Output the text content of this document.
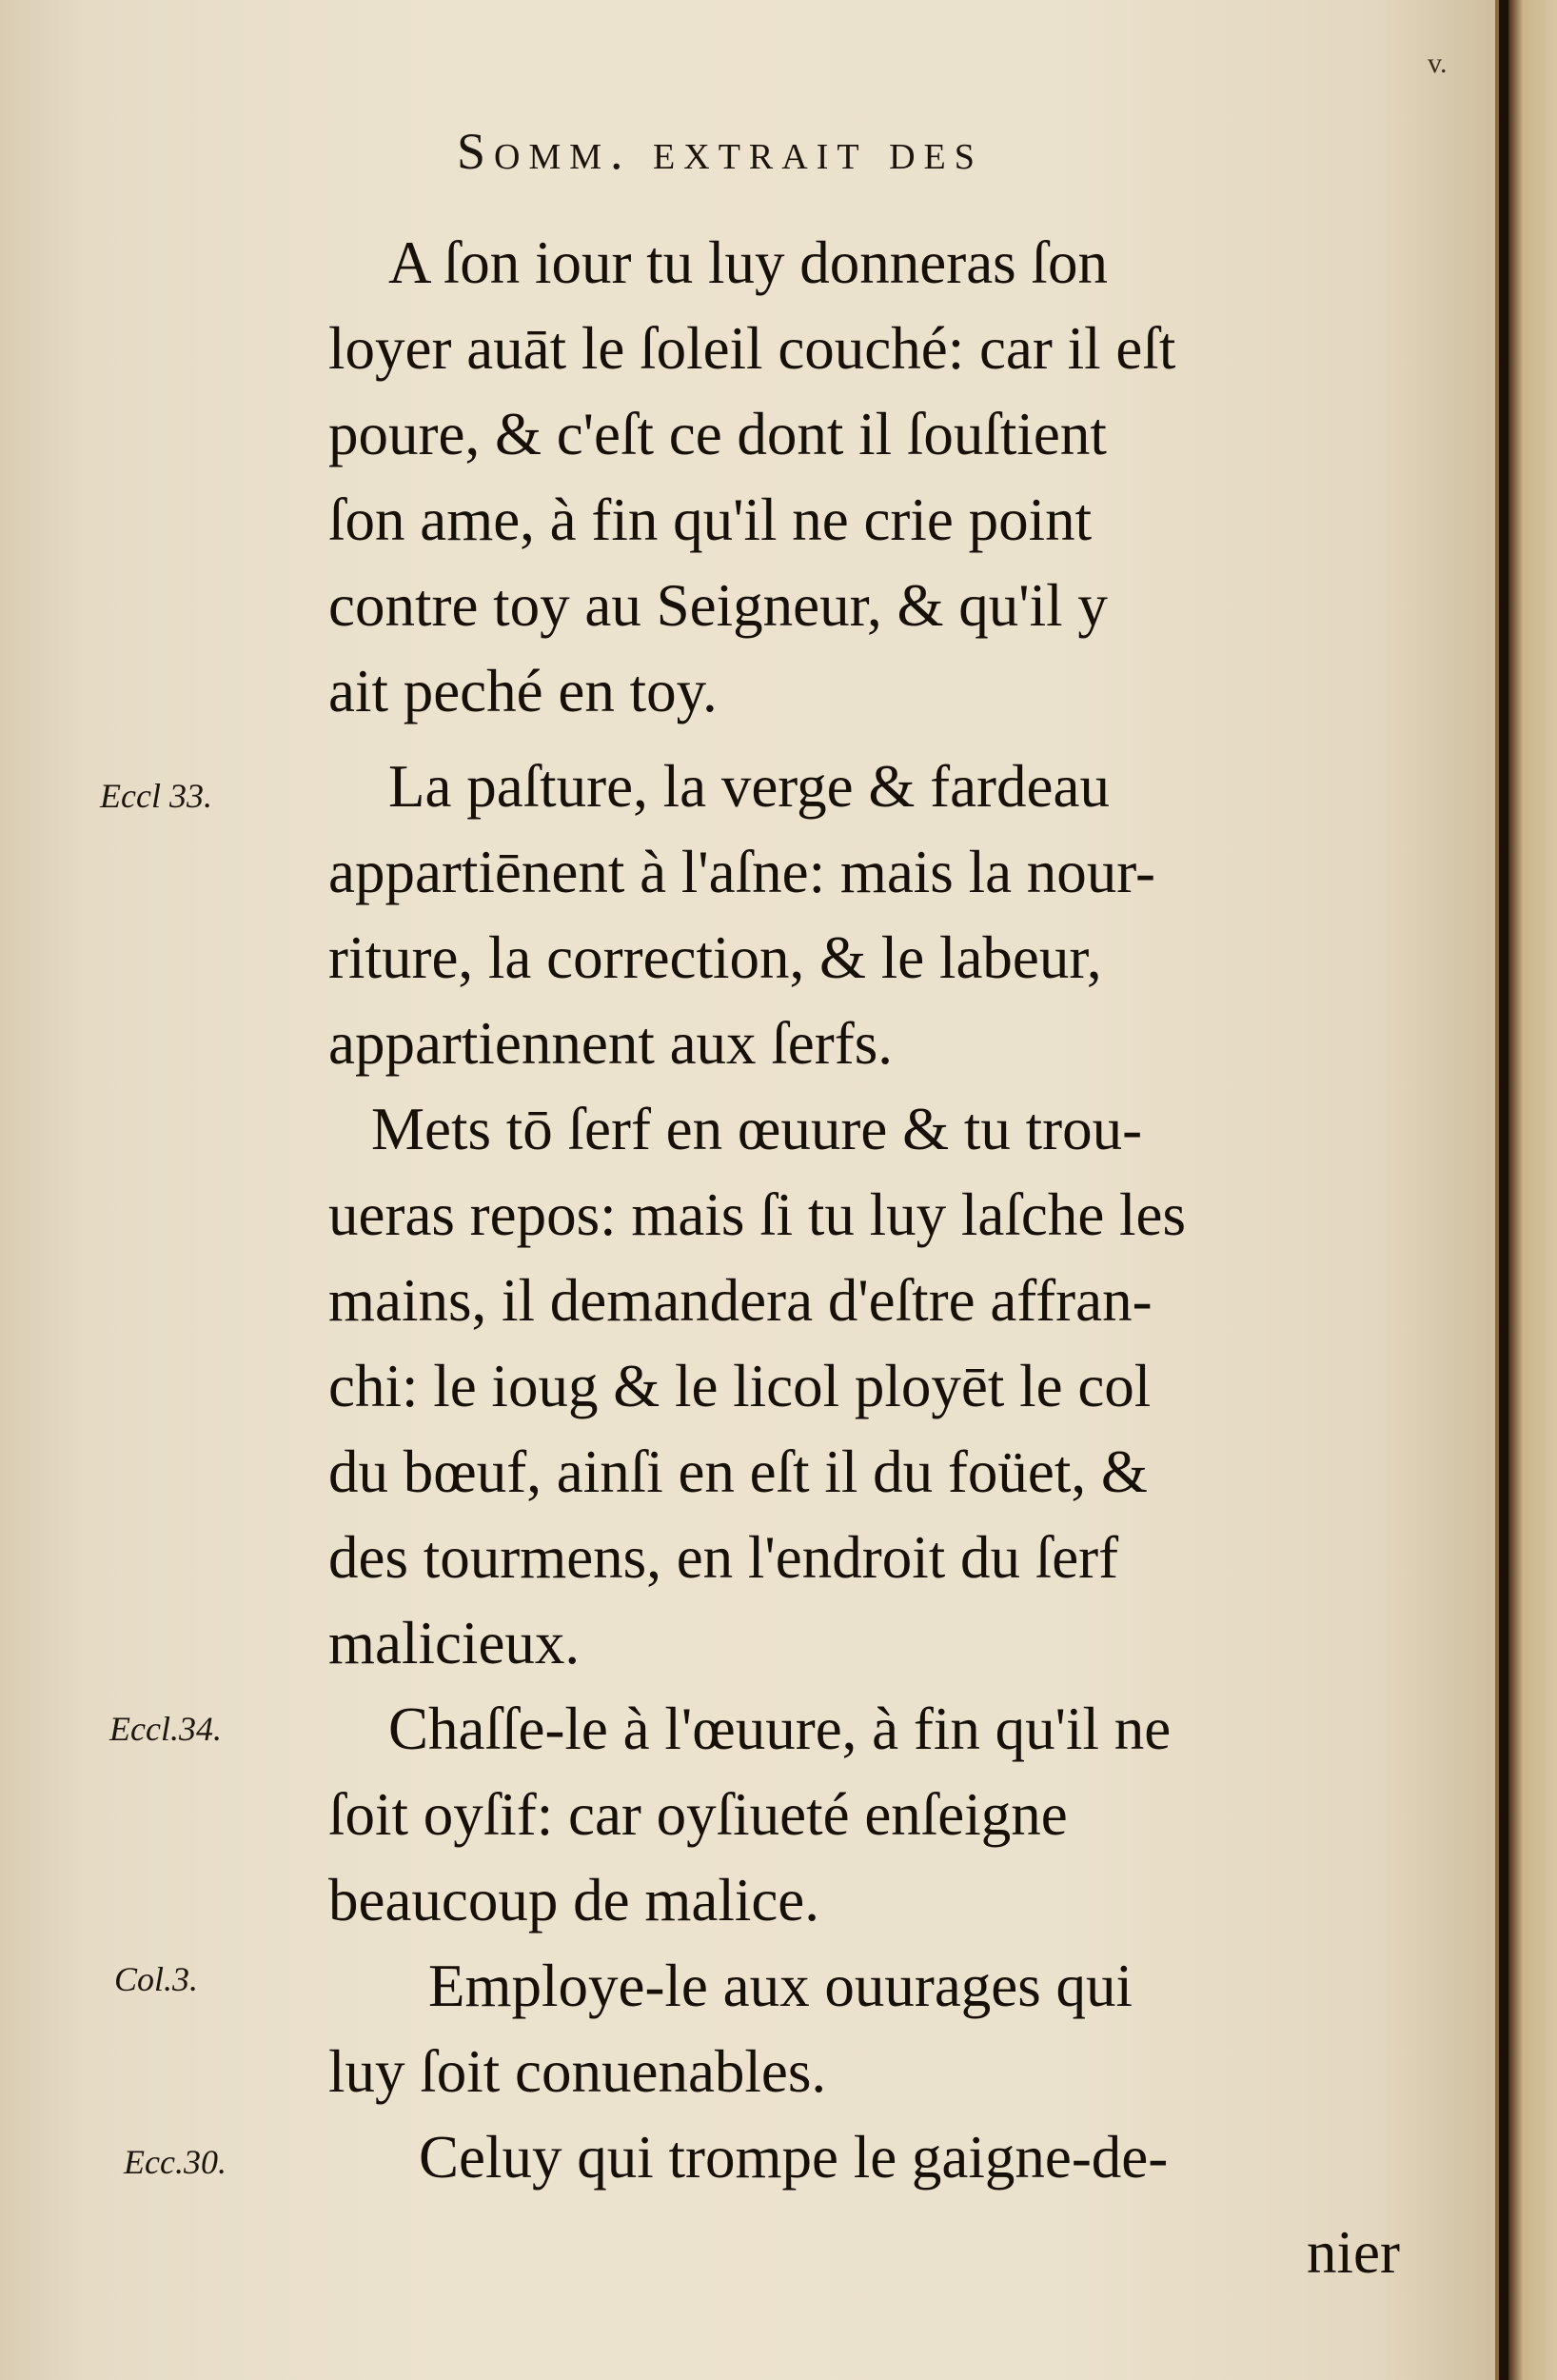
v.
Somm. extrait des
A ſon iour tu luy donneras ſon
loyer auāt le ſoleil couché: car il eſt
poure, & c'eſt ce dont il ſouſtient
ſon ame, à fin qu'il ne crie point
contre toy au Seigneur, & qu'il y
ait peché en toy.
Eccl 33.	La paſture, la verge & fardeau
appartiēnent à l'aſne: mais la nour-
riture, la correction, & le labeur,
appartiennent aux ſerfs.
Mets tō ſerf en œuure & tu trou-
ueras repos: mais ſi tu luy laſche les
mains, il demandera d'eſtre affran-
chi: le ioug & le licol ployēt le col
du bœuf, ainſi en eſt il du foüet, &
des tourmens, en l'endroit du ſerf
malicieux.
Eccl.34.	Chaſſe-le à l'œuure, à fin qu'il ne
ſoit oyſif: car oyſiueté enſeigne
beaucoup de malice.
Col.3.	Employe-le aux ouurages qui
luy ſoit conuenables.
Ecc.30.	Celuy qui trompe le gaigne-de-
nier
